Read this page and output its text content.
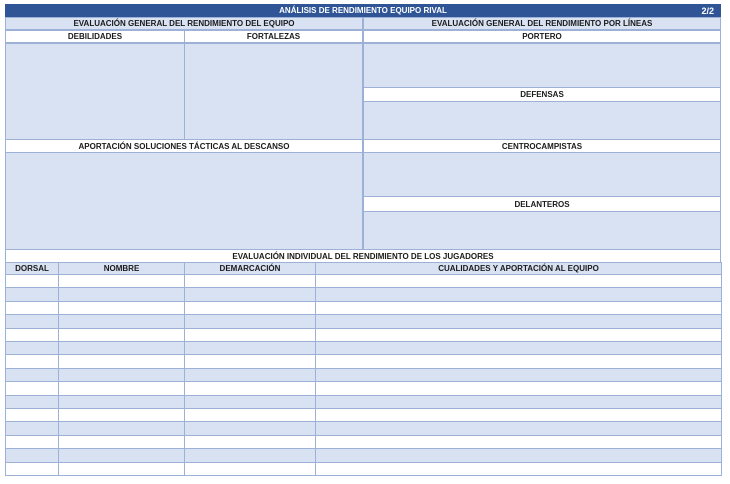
ANÁLISIS DE RENDIMIENTO EQUIPO RIVAL	2/2
EVALUACIÓN GENERAL DEL RENDIMIENTO DEL EQUIPO	EVALUACIÓN GENERAL DEL RENDIMIENTO POR LÍNEAS
DEBILIDADES	FORTALEZAS	PORTERO
DEFENSAS
APORTACIÓN SOLUCIONES TÁCTICAS AL DESCANSO	CENTROCAMPISTAS
DELANTEROS
EVALUACIÓN INDIVIDUAL DEL RENDIMIENTO DE LOS JUGADORES
DORSAL	NOMBRE	DEMARCACIÓN	CUALIDADES Y APORTACIÓN AL EQUIPO
